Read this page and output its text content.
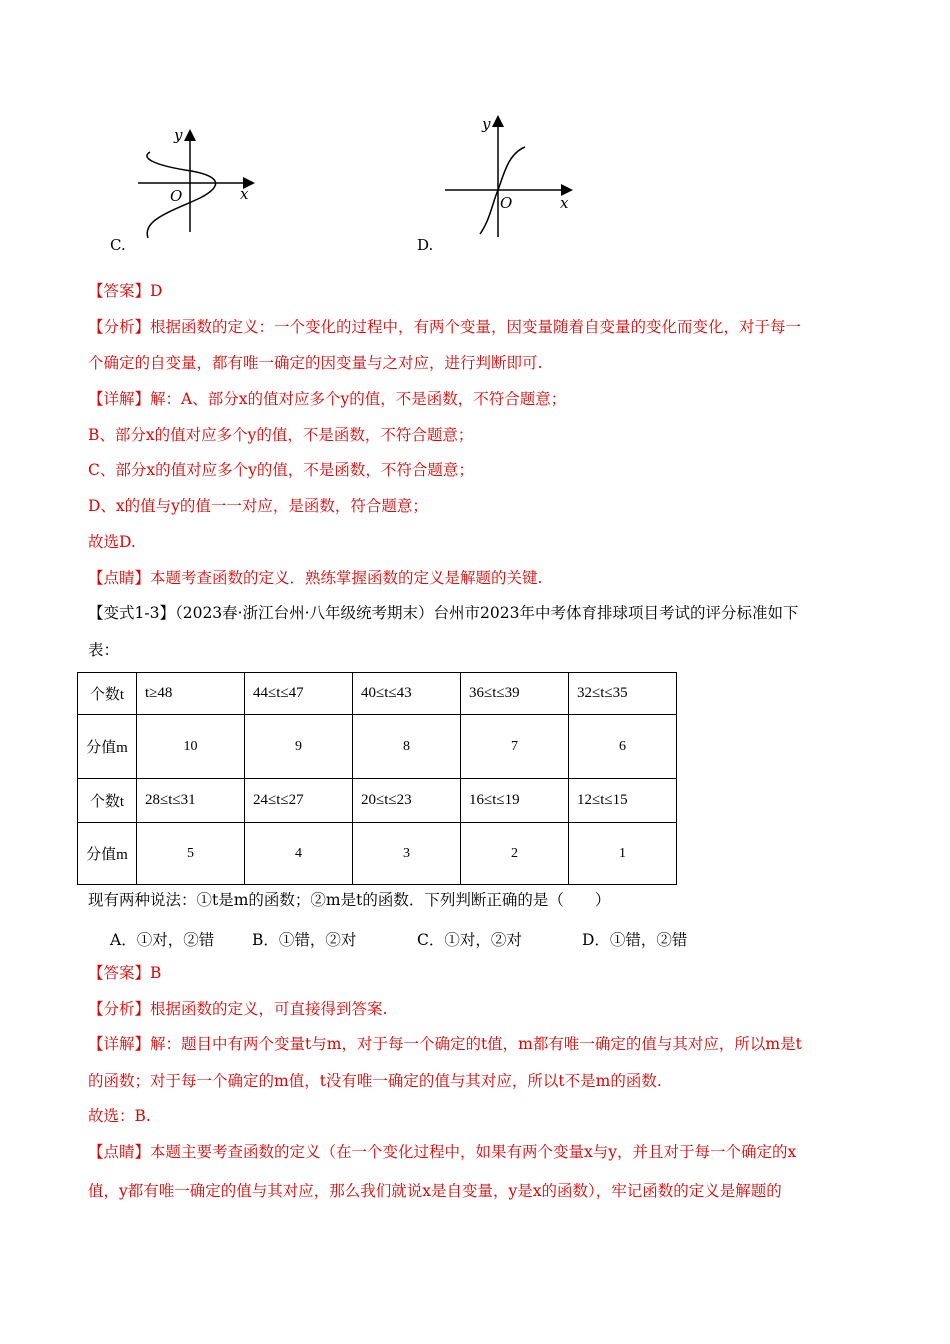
y
x
O
C.
y
x
O
D.
【答案】D
【分析】根据函数的定义：一个变化的过程中，有两个变量，因变量随着自变量的变化而变化，对于每一
个确定的自变量，都有唯一确定的因变量与之对应，进行判断即可.
【详解】解：A、部分x的值对应多个y的值，不是函数，不符合题意；
B、部分x的值对应多个y的值，不是函数，不符合题意；
C、部分x的值对应多个y的值，不是函数，不符合题意；
D、x的值与y的值一一对应，是函数，符合题意；
故选D.
【点睛】本题考查函数的定义．熟练掌握函数的定义是解题的关键.
【变式1-3】（2023春·浙江台州·八年级统考期末）台州市2023年中考体育排球项目考试的评分标准如下
表：
个数t	t≥48	44≤t≤47	40≤t≤43	36≤t≤39	32≤t≤35
分值m	10	9	8	7	6
个数t	28≤t≤31	24≤t≤27	20≤t≤23	16≤t≤19	12≤t≤15
分值m	5	4	3	2	1
现有两种说法：①t是m的函数；②m是t的函数．下列判断正确的是（　　）
A．①对，②错 B．①错，②对	C．①对，②对	D．①错，②错
【答案】B
【分析】根据函数的定义，可直接得到答案.
【详解】解：题目中有两个变量t与m，对于每一个确定的t值，m都有唯一确定的值与其对应，所以m是t
的函数；对于每一个确定的m值，t没有唯一确定的值与其对应，所以t不是m的函数.
故选：B.
【点睛】本题主要考查函数的定义（在一个变化过程中，如果有两个变量x与y，并且对于每一个确定的x
值，y都有唯一确定的值与其对应，那么我们就说x是自变量，y是x的函数），牢记函数的定义是解题的
